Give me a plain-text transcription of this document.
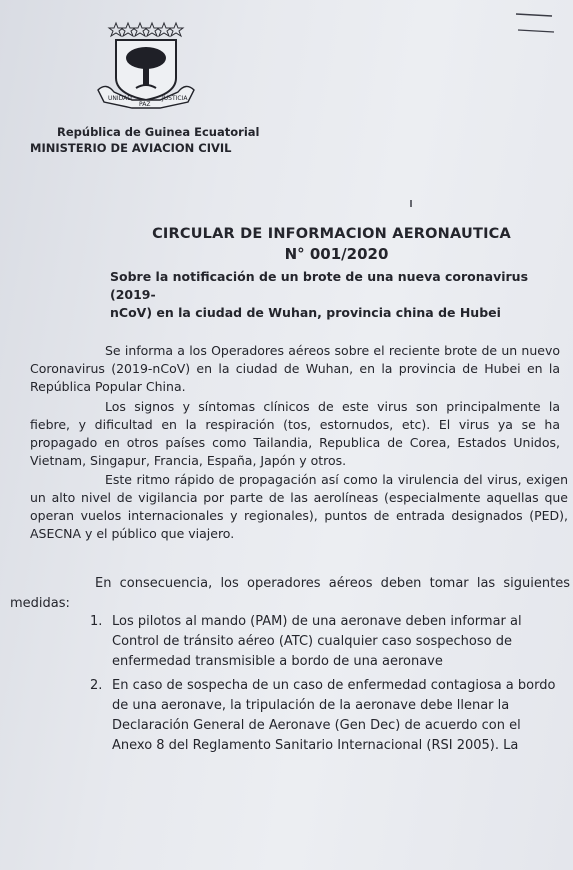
UNIDAD
PAZ
JUSTICIA
República de Guinea Ecuatorial
MINISTERIO DE AVIACION CIVIL
CIRCULAR DE INFORMACION AERONAUTICA
N° 001/2020
Sobre la notificación de un brote de una nueva coronavirus (2019-
nCoV) en la ciudad de Wuhan, provincia china de Hubei
Se informa a los Operadores aéreos sobre el reciente brote de un nuevo Coronavirus (2019-nCoV) en la ciudad de Wuhan, en la provincia de Hubei en la República Popular China.
Los signos y síntomas clínicos de este virus son principalmente la fiebre, y dificultad en la respiración (tos, estornudos, etc). El virus ya se ha propagado en otros países como Tailandia, Republica de Corea, Estados Unidos, Vietnam, Singapur, Francia, España, Japón y otros.
Este ritmo rápido de propagación así como la virulencia del virus, exigen un alto nivel de vigilancia por parte de las aerolíneas (especialmente aquellas que operan vuelos internacionales y regionales), puntos de entrada designados (PED), ASECNA y el público que viajero.
En consecuencia, los operadores aéreos deben tomar las siguientes medidas:
1. Los pilotos al mando (PAM) de una aeronave deben informar al
Control de tránsito aéreo (ATC) cualquier caso sospechoso de
enfermedad transmisible a bordo de una aeronave
2. En caso de sospecha de un caso de enfermedad contagiosa a bordo
de una aeronave, la tripulación de la aeronave debe llenar la
Declaración General de Aeronave (Gen Dec) de acuerdo con el
Anexo 8 del Reglamento Sanitario Internacional (RSI 2005). La
